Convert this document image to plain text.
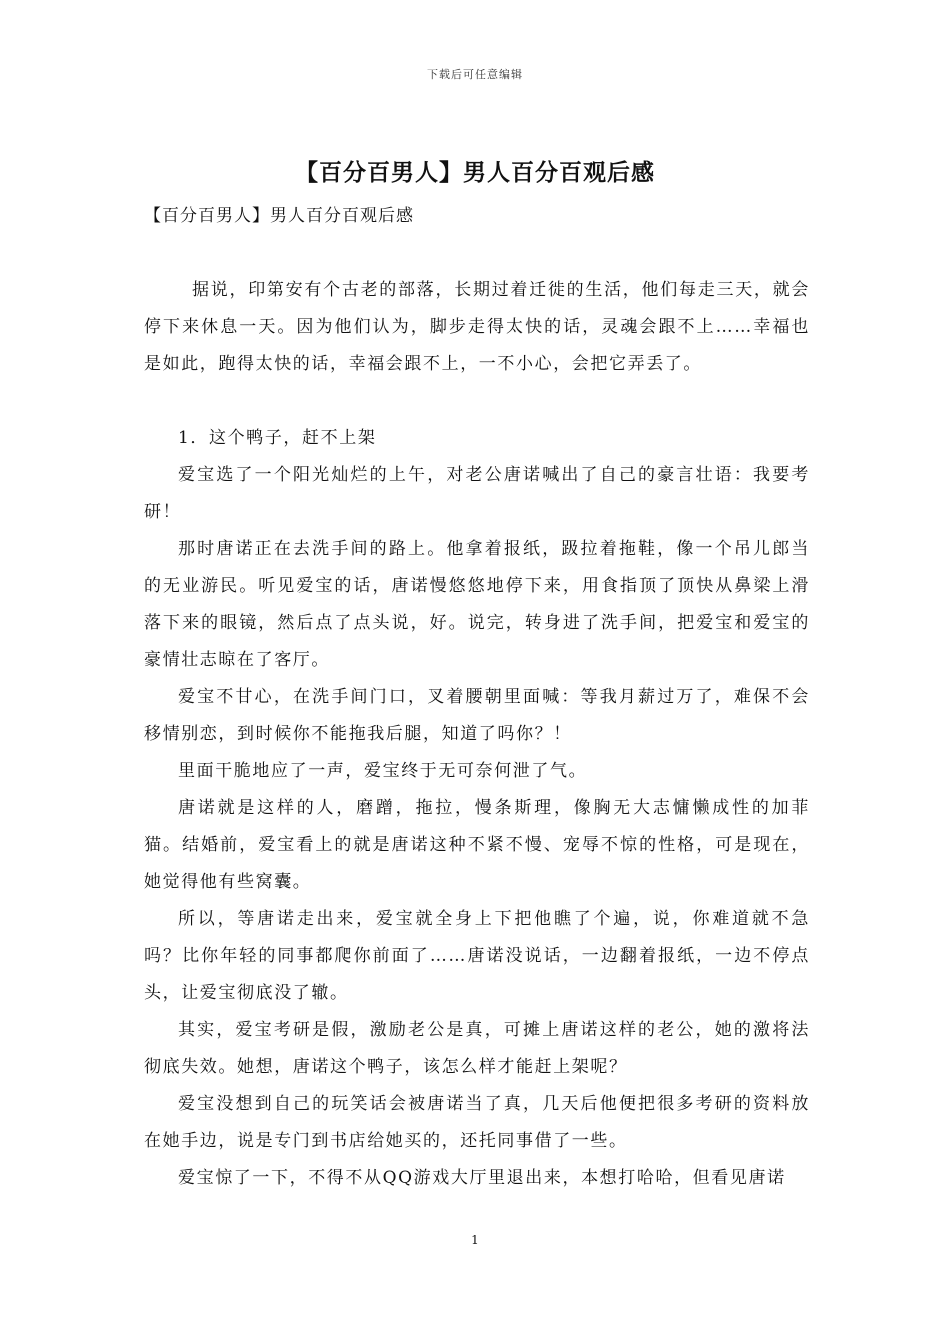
下载后可任意编辑
【百分百男人】男人百分百观后感
【百分百男人】男人百分百观后感

据说，印第安有个古老的部落，长期过着迁徙的生活，他们每走三天，就会停下来休息一天。因为他们认为，脚步走得太快的话，灵魂会跟不上……幸福也是如此，跑得太快的话，幸福会跟不上，一不小心，会把它弄丢了。

1．这个鸭子，赶不上架

爱宝选了一个阳光灿烂的上午，对老公唐诺喊出了自己的豪言壮语：我要考研！

那时唐诺正在去洗手间的路上。他拿着报纸，趿拉着拖鞋，像一个吊儿郎当的无业游民。听见爱宝的话，唐诺慢悠悠地停下来，用食指顶了顶快从鼻梁上滑落下来的眼镜，然后点了点头说，好。说完，转身进了洗手间，把爱宝和爱宝的豪情壮志晾在了客厅。

爱宝不甘心，在洗手间门口，叉着腰朝里面喊：等我月薪过万了，难保不会移情别恋，到时候你不能拖我后腿，知道了吗你？！

里面干脆地应了一声，爱宝终于无可奈何泄了气。

唐诺就是这样的人，磨蹭，拖拉，慢条斯理，像胸无大志慵懒成性的加菲猫。结婚前，爱宝看上的就是唐诺这种不紧不慢、宠辱不惊的性格，可是现在，她觉得他有些窝囊。

所以，等唐诺走出来，爱宝就全身上下把他瞧了个遍，说，你难道就不急吗？比你年轻的同事都爬你前面了……唐诺没说话，一边翻着报纸，一边不停点头，让爱宝彻底没了辙。

其实，爱宝考研是假，激励老公是真，可摊上唐诺这样的老公，她的激将法彻底失效。她想，唐诺这个鸭子，该怎么样才能赶上架呢？

爱宝没想到自己的玩笑话会被唐诺当了真，几天后他便把很多考研的资料放在她手边，说是专门到书店给她买的，还托同事借了一些。

爱宝惊了一下，不得不从QQ游戏大厅里退出来，本想打哈哈，但看见唐诺

1
